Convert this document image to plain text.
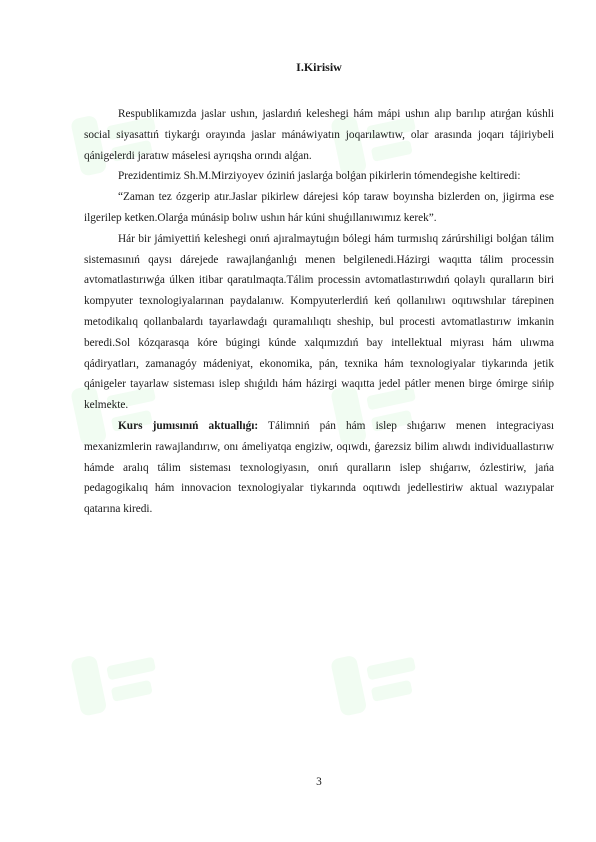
I.Kirisiw

Respublikamızda jaslar ushın, jaslardıń keleshegi hám mápi ushın alıp barılıp atırǵan kúshli social siyasattıń tiykarǵı orayında jaslar mánáwiyatın joqarılawtıw, olar arasında joqarı tájiriybeli qánigelerdi jaratıw máselesi ayrıqsha orındı alǵan.

Prezidentimiz Sh.M.Mirziyoyev óziniń jaslarǵa bolǵan pikirlerin tómendegishe keltiredi:

“Zaman tez ózgerip atır.Jaslar pikirlew dárejesi kóp taraw boyınsha bizlerden on, jigirma ese ilgerilep ketken.Olarǵa múnásip bolıw ushın hár kúni shuǵıllanıwımız kerek”.

Hár bir jámiyettiń keleshegi onıń ajıralmaytuǵın bólegi hám turmıslıq zárúrshiligi bolǵan tálim sistemasınıń qaysı dárejede rawajlanǵanlıǵı menen belgilenedi.Házirgi waqıtta tálim processin avtomatlastırıwǵa úlken itibar qaratılmaqta.Tálim processin avtomatlastırıwdıń qolaylı quralların biri kompyuter texnologiyalarınan paydalanıw. Kompyuterlerdiń keń qollanılıwı oqıtıwshılar tárepinen metodikalıq qollanbalardı tayarlawdaǵı quramalılıqtı sheship, bul procesti avtomatlastırıw imkanin beredi.Sol kózqarasqa kóre búgingi kúnde xalqımızdıń bay intellektual miyrası hám ulıwma qádiryatları, zamanagóy mádeniyat, ekonomika, pán, texnika hám texnologiyalar tiykarında jetik qánigeler tayarlaw sisteması islep shıǵıldı hám házirgi waqıtta jedel pátler menen birge ómirge sińip kelmekte.

Kurs jumısınıń aktuallıǵı: Tálimniń pán hám islep shıǵarıw menen integraciyası mexanizmlerin rawajlandırıw, onı ámeliyatqa engiziw, oqıwdı, ǵarezsiz bilim alıwdı individuallastırıw hámde aralıq tálim sisteması texnologiyasın, onıń quralların islep shıǵarıw, ózlestiriw, jańa pedagogikalıq hám innovacion texnologiyalar tiykarında oqıtıwdı jedellestiriw aktual wazıypalar qatarına kiredi.

3
